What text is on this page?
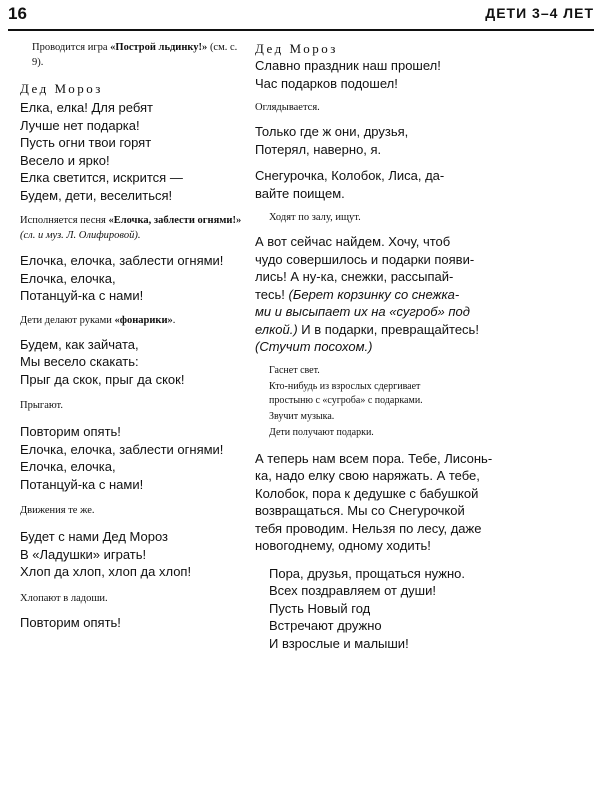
16	ДЕТИ 3–4 ЛЕТ

Проводится игра «Построй льдинку!» (см. с. 9).

Дед Мороз

Елка, елка! Для ребят
Лучше нет подарка!
Пусть огни твои горят
Весело и ярко!
Елка светится, искрится —
Будем, дети, веселиться!

Исполняется песня «Елочка, заблести огнями!» (сл. и муз. Л. Олифировой).

Елочка, елочка, заблести огнями!
Елочка, елочка,
Потанцуй-ка с нами!

Дети делают руками «фонарики».

Будем, как зайчата,
Мы весело скакать:
Прыг да скок, прыг да скок!

Прыгают.

Повторим опять!
Елочка, елочка, заблести огнями!
Елочка, елочка,
Потанцуй-ка с нами!

Движения те же.

Будет с нами Дед Мороз
В «Ладушки» играть!
Хлоп да хлоп, хлоп да хлоп!

Хлопают в ладоши.

Повторим опять!

Дед Мороз

Славно праздник наш прошел!
Час подарков подошел!

Оглядывается.

Только где ж они, друзья,
Потерял, наверно, я.
Снегурочка, Колобок, Лиса, да-
вайте поищем.

Ходят по залу, ищут.

А вот сейчас найдем. Хочу, чтоб
чудо совершилось и подарки появи-
лись! А ну-ка, снежки, рассыпай-
тесь! (Берет корзинку со снежка-
ми и высыпает их на «сугроб» под
елкой.) И в подарки, превращайтесь!
(Стучит посохом.)
Гаснет свет.
Кто-нибудь из взрослых сдергивает
простыню с «сугроба» с подарками.
Звучит музыка.
Дети получают подарки.
А теперь нам всем пора. Тебе, Лисонь-
ка, надо елку свою наряжать. А тебе,
Колобок, пора к дедушке с бабушкой
возвращаться. Мы со Снегурочкой
тебя проводим. Нельзя по лесу, даже
новогоднему, одному ходить!
Пора, друзья, прощаться нужно.
Всех поздравляем от души!
Пусть Новый год
Встречают дружно
И взрослые и малыши!
